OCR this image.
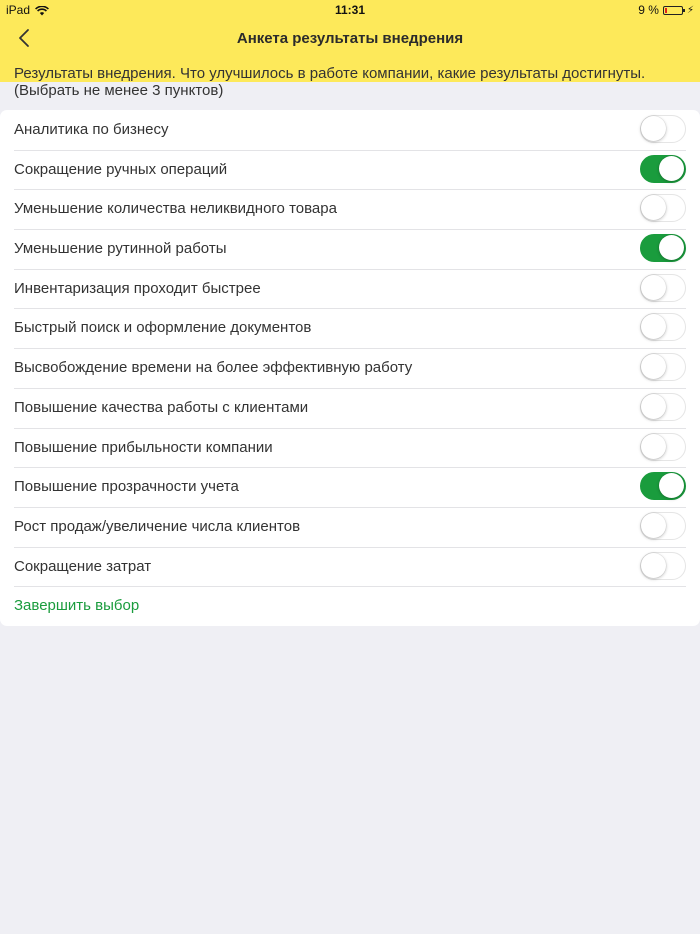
iPad	11:31	9 %	⚡
Анкета результаты внедрения
Результаты внедрения. Что улучшилось в работе компании, какие результаты достигнуты. (Выбрать не менее 3 пунктов)
Аналитика по бизнесу
Сокращение ручных операций
Уменьшение количества неликвидного товара
Уменьшение рутинной работы
Инвентаризация проходит быстрее
Быстрый поиск и оформление документов
Высвобождение времени на более эффективную работу
Повышение качества работы с клиентами
Повышение прибыльности компании
Повышение прозрачности учета
Рост продаж/увеличение числа клиентов
Сокращение затрат
Завершить выбор
